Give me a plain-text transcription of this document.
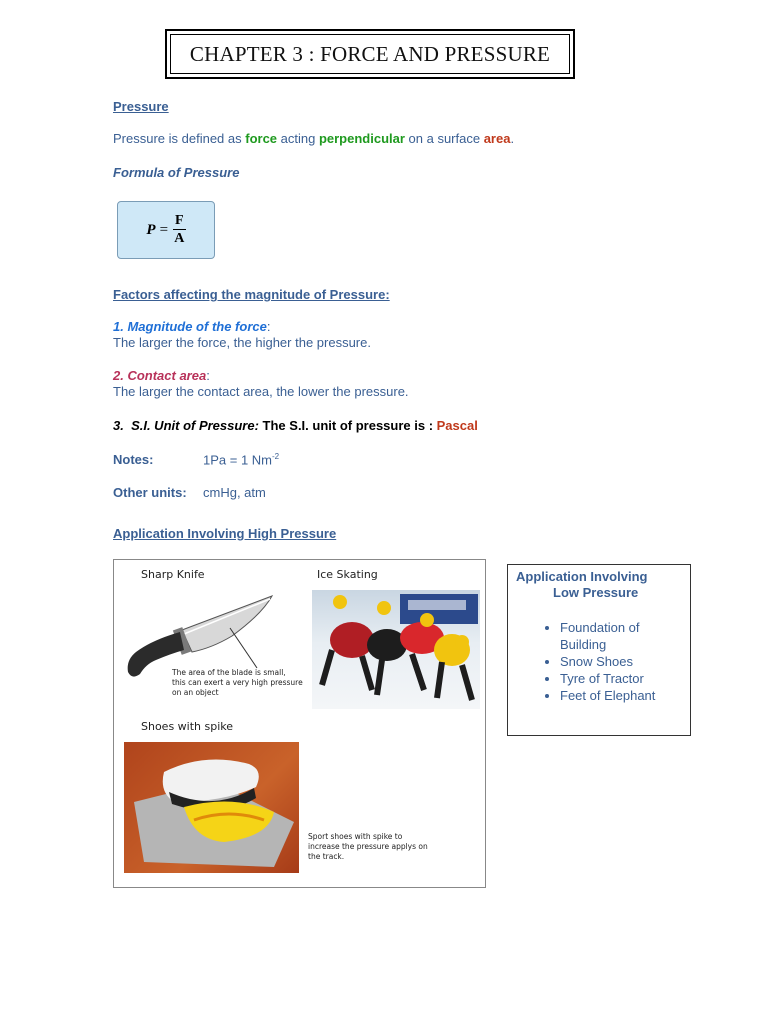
CHAPTER 3 : FORCE AND PRESSURE
Pressure
Pressure is defined as force acting perpendicular on a surface area.
Formula of Pressure
$P = \frac{F}{A}$
Factors affecting the magnitude of Pressure:
1. Magnitude of the force:
The larger the force, the higher the pressure.
2. Contact area:
The larger the contact area, the lower the pressure.
3.  S.I. Unit of Pressure: The S.I. unit of pressure is : Pascal
Notes:	1Pa = 1 $Nm^{-2}$
Other units: cmHg, atm
Application Involving High Pressure
Sharp Knife
The area of the blade is small,
this can exert a very high pressure
on an object
Ice Skating
Shoes with spike
Sport shoes with spike to
increase the pressure applys on
the track.
Application Involving
Low Pressure
• Foundation of Building
• Snow Shoes
• Tyre of Tractor
• Feet of Elephant
